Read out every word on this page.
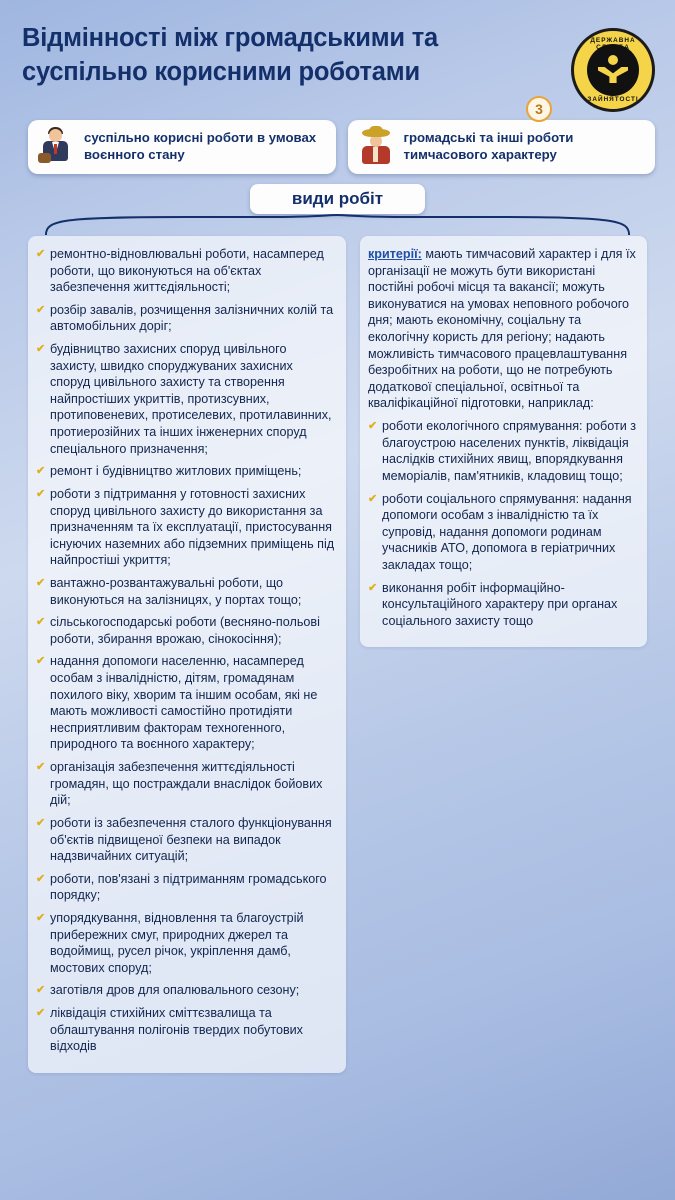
Відмінності між громадськими та суспільно корисними роботами
3
ДЕРЖАВНА СЛУЖБА
ЗАЙНЯТОСТІ
суспільно корисні роботи в умовах воєнного стану
громадські та інші роботи тимчасового характеру
види робіт
✔ ремонтно-відновлювальні роботи, насамперед роботи, що виконуються на об'єктах забезпечення життєдіяльності;
✔ розбір завалів, розчищення залізничних колій та автомобільних доріг;
✔ будівництво захисних споруд цивільного захисту, швидко споруджуваних захисних споруд цивільного захисту та створення найпростіших укриттів, протизсувних, протиповеневих, протиселевих, протилавинних, протиерозійних та інших інженерних споруд спеціального призначення;
✔ ремонт і будівництво житлових приміщень;
✔ роботи з підтримання у готовності захисних споруд цивільного захисту до використання за призначенням та їх експлуатації, пристосування існуючих наземних або підземних приміщень під найпростіші укриття;
✔ вантажно-розвантажувальні роботи, що виконуються на залізницях, у портах тощо;
✔ сільськогосподарські роботи (весняно-польові роботи, збирання врожаю, сінокосіння);
✔ надання допомоги населенню, насамперед особам з інвалідністю, дітям, громадянам похилого віку, хворим та іншим особам, які не мають можливості самостійно протидіяти несприятливим факторам техногенного, природного та воєнного характеру;
✔ організація забезпечення життєдіяльності громадян, що постраждали внаслідок бойових дій;
✔ роботи із забезпечення сталого функціонування об'єктів підвищеної безпеки на випадок надзвичайних ситуацій;
✔ роботи, пов'язані з підтриманням громадського порядку;
✔ упорядкування, відновлення та благоустрій прибережних смуг, природних джерел та водоймищ, русел річок, укріплення дамб, мостових споруд;
✔ заготівля дров для опалювального сезону;
✔ ліквідація стихійних сміттєзвалища та облаштування полігонів твердих побутових відходів
критерії: мають тимчасовий характер і для їх організації не можуть бути використані постійні робочі місця та вакансії; можуть виконуватися на умовах неповного робочого дня; мають економічну, соціальну та екологічну користь для регіону; надають можливість тимчасового працевлаштування безробітних на роботи, що не потребують додаткової спеціальної, освітньої та кваліфікаційної підготовки, наприклад:
✔ роботи екологічного спрямування: роботи з благоустрою населених пунктів, ліквідація наслідків стихійних явищ, впорядкування меморіалів, пам'ятників, кладовищ тощо;
✔ роботи соціального спрямування: надання допомоги особам з інвалідністю та їх супровід, надання допомоги родинам учасників АТО, допомога в геріатричних закладах тощо;
✔ виконання робіт інформаційно-консультаційного характеру при органах соціального захисту тощо
